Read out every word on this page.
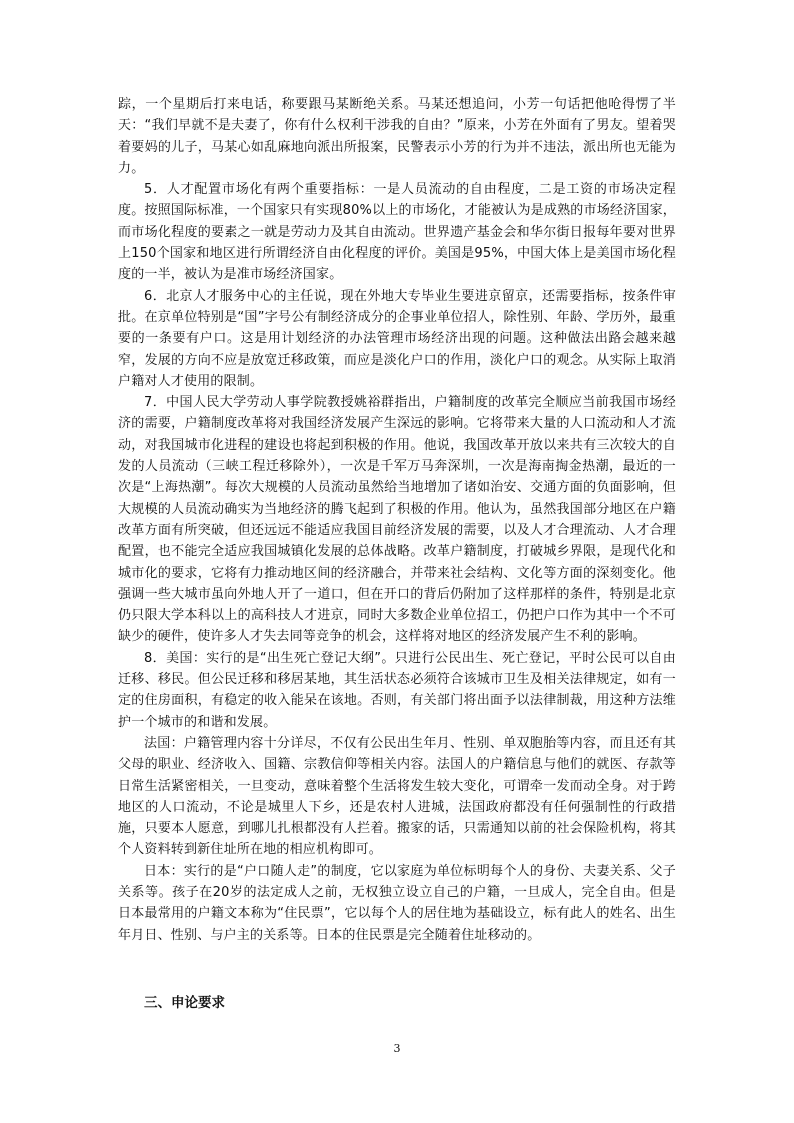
踪，一个星期后打来电话，称要跟马某断绝关系。马某还想追问，小芳一句话把他呛得愣了半天：“我们早就不是夫妻了，你有什么权利干涉我的自由？”原来，小芳在外面有了男友。望着哭着要妈的儿子，马某心如乱麻地向派出所报案，民警表示小芳的行为并不违法，派出所也无能为力。

5．人才配置市场化有两个重要指标：一是人员流动的自由程度，二是工资的市场决定程度。按照国际标准，一个国家只有实现80%以上的市场化，才能被认为是成熟的市场经济国家，而市场化程度的要素之一就是劳动力及其自由流动。世界遗产基金会和华尔街日报每年要对世界上150个国家和地区进行所谓经济自由化程度的评价。美国是95%，中国大体上是美国市场化程度的一半，被认为是准市场经济国家。

6．北京人才服务中心的主任说，现在外地大专毕业生要进京留京，还需要指标，按条件审批。在京单位特别是“国”字号公有制经济成分的企事业单位招人，除性别、年龄、学历外，最重要的一条要有户口。这是用计划经济的办法管理市场经济出现的问题。这种做法出路会越来越窄，发展的方向不应是放宽迁移政策，而应是淡化户口的作用，淡化户口的观念。从实际上取消户籍对人才使用的限制。

7．中国人民大学劳动人事学院教授姚裕群指出，户籍制度的改革完全顺应当前我国市场经济的需要，户籍制度改革将对我国经济发展产生深远的影响。它将带来大量的人口流动和人才流动，对我国城市化进程的建设也将起到积极的作用。他说，我国改革开放以来共有三次较大的自发的人员流动（三峡工程迁移除外），一次是千军万马奔深圳，一次是海南掏金热潮，最近的一次是“上海热潮”。每次大规模的人员流动虽然给当地增加了诸如治安、交通方面的负面影响，但大规模的人员流动确实为当地经济的腾飞起到了积极的作用。他认为，虽然我国部分地区在户籍改革方面有所突破，但还远远不能适应我国目前经济发展的需要，以及人才合理流动、人才合理配置，也不能完全适应我国城镇化发展的总体战略。改革户籍制度，打破城乡界限，是现代化和城市化的要求，它将有力推动地区间的经济融合，并带来社会结构、文化等方面的深刻变化。他强调一些大城市虽向外地人开了一道口，但在开口的背后仍附加了这样那样的条件，特别是北京仍只限大学本科以上的高科技人才进京，同时大多数企业单位招工，仍把户口作为其中一个不可缺少的硬件，使许多人才失去同等竞争的机会，这样将对地区的经济发展产生不利的影响。

8．美国：实行的是“出生死亡登记大纲”。只进行公民出生、死亡登记，平时公民可以自由迁移、移民。但公民迁移和移居某地，其生活状态必须符合该城市卫生及相关法律规定，如有一定的住房面积，有稳定的收入能呆在该地。否则，有关部门将出面予以法律制裁，用这种方法维护一个城市的和谐和发展。

法国：户籍管理内容十分详尽，不仅有公民出生年月、性别、单双胞胎等内容，而且还有其父母的职业、经济收入、国籍、宗教信仰等相关内容。法国人的户籍信息与他们的就医、存款等日常生活紧密相关，一旦变动，意味着整个生活将发生较大变化，可谓牵一发而动全身。对于跨地区的人口流动，不论是城里人下乡，还是农村人进城，法国政府都没有任何强制性的行政措施，只要本人愿意，到哪儿扎根都没有人拦着。搬家的话，只需通知以前的社会保险机构，将其个人资料转到新住址所在地的相应机构即可。

日本：实行的是“户口随人走”的制度，它以家庭为单位标明每个人的身份、夫妻关系、父子关系等。孩子在20岁的法定成人之前，无权独立设立自己的户籍，一旦成人，完全自由。但是日本最常用的户籍文本称为“住民票”，它以每个人的居住地为基础设立，标有此人的姓名、出生年月日、性别、与户主的关系等。日本的住民票是完全随着住址移动的。

三、申论要求

3
